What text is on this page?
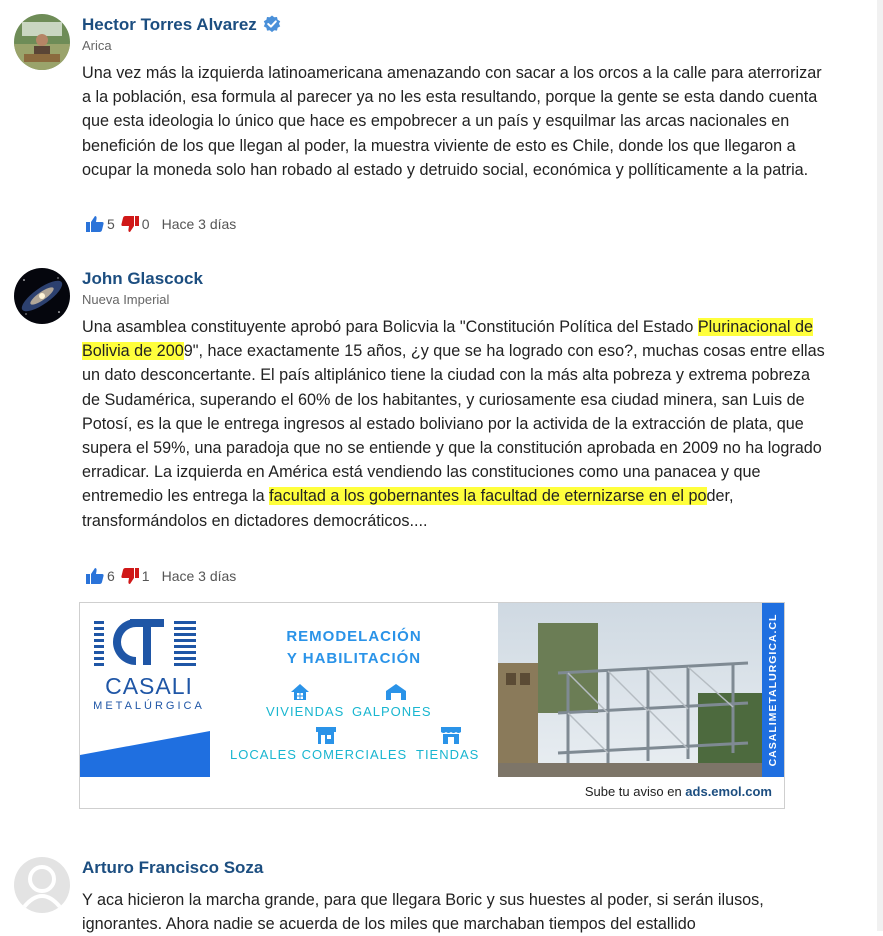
Hector Torres Alvarez
Arica
Una vez más la izquierda latinoamericana amenazando con sacar a los orcos a la calle para aterrorizar a la población, esa formula al parecer ya no les esta resultando, porque la gente se esta dando cuenta que esta ideologia lo único que hace es empobrecer a un país y esquilmar las arcas nacionales en benefición de los que llegan al poder, la muestra viviente de esto es Chile, donde los que llegaron a ocupar la moneda solo han robado al estado y detruido social, económica y pollíticamente a la patria.
5 0 Hace 3 días
John Glascock
Nueva Imperial
Una asamblea constituyente aprobó para Bolicvia la "Constitución Política del Estado Plurinacional de Bolivia de 2009", hace exactamente 15 años, ¿y que se ha logrado con eso?, muchas cosas entre ellas un dato desconcertante. El país altiplánico tiene la ciudad con la más alta pobreza y extrema pobreza de Sudamérica, superando el 60% de los habitantes, y curiosamente esa ciudad minera, san Luis de Potosí, es la que le entrega ingresos al estado boliviano por la activida de la extracción de plata, que supera el 59%, una paradoja que no se entiende y que la constitución aprobada en 2009 no ha logrado erradicar. La izquierda en América está vendiendo las constituciones como una panacea y que entremedio les entrega la facultad a los gobernantes la facultad de eternizarse en el poder, transformándolos en dictadores democráticos....
6 1 Hace 3 días
CASALI
METALÚRGICA
REMODELACIÓN
Y HABILITACIÓN
VIVIENDAS GALPONES
LOCALES COMERCIALES TIENDAS	CASALIMETALURGICA.CL
Sube tu aviso en ads.emol.com
Arturo Francisco Soza
Y aca hicieron la marcha grande, para que llegara Boric y sus huestes al poder, si serán ilusos, ignorantes. Ahora nadie se acuerda de los miles que marchaban tiempos del estallido
